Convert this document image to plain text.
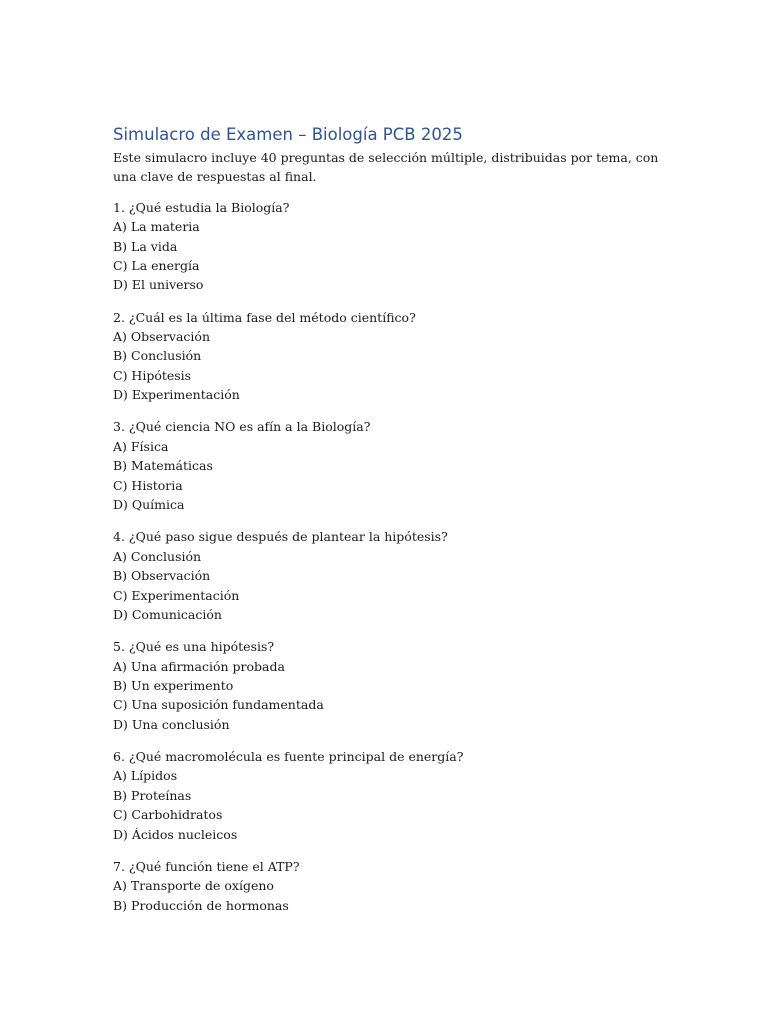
Simulacro de Examen – Biología PCB 2025

Este simulacro incluye 40 preguntas de selección múltiple, distribuidas por tema, con una clave de respuestas al final.

1. ¿Qué estudia la Biología?

A) La materia

B) La vida

C) La energía

D) El universo

2. ¿Cuál es la última fase del método científico?

A) Observación

B) Conclusión

C) Hipótesis

D) Experimentación

3. ¿Qué ciencia NO es afín a la Biología?

A) Física

B) Matemáticas

C) Historia

D) Química

4. ¿Qué paso sigue después de plantear la hipótesis?

A) Conclusión

B) Observación

C) Experimentación

D) Comunicación

5. ¿Qué es una hipótesis?

A) Una afirmación probada

B) Un experimento

C) Una suposición fundamentada

D) Una conclusión

6. ¿Qué macromolécula es fuente principal de energía?

A) Lípidos

B) Proteínas

C) Carbohidratos

D) Ácidos nucleicos

7. ¿Qué función tiene el ATP?

A) Transporte de oxígeno

B) Producción de hormonas
